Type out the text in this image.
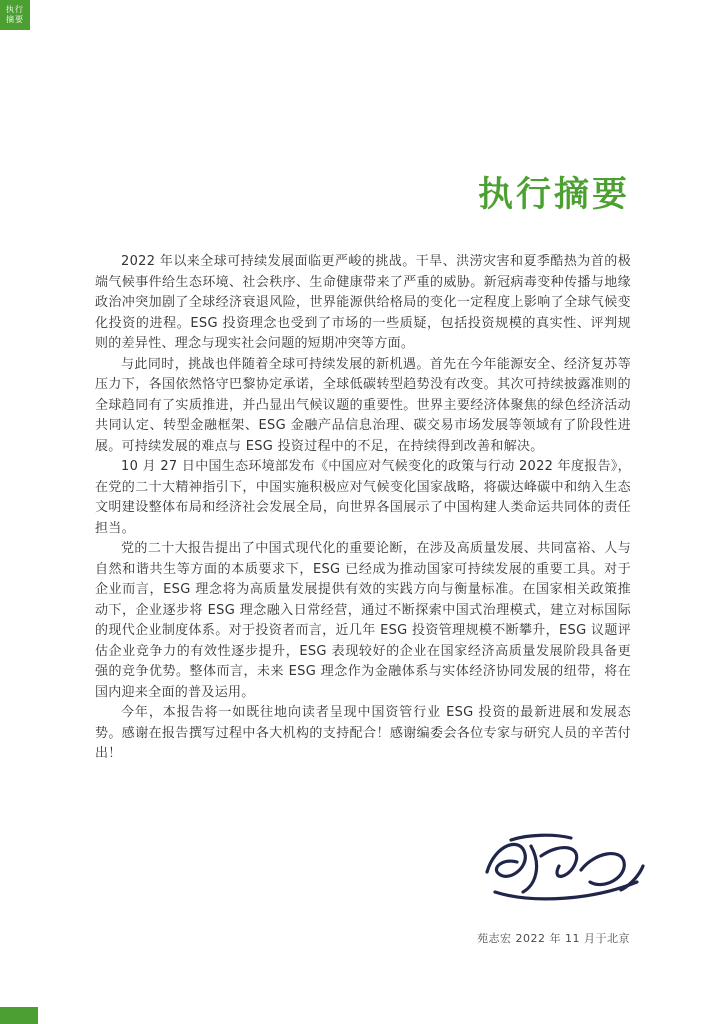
执行
摘要
执行摘要

2022 年以来全球可持续发展面临更严峻的挑战。干旱、洪涝灾害和夏季酷热为首的极端气候事件给生态环境、社会秩序、生命健康带来了严重的威胁。新冠病毒变种传播与地缘政治冲突加剧了全球经济衰退风险，世界能源供给格局的变化一定程度上影响了全球气候变化投资的进程。ESG 投资理念也受到了市场的一些质疑，包括投资规模的真实性、评判规则的差异性、理念与现实社会问题的短期冲突等方面。

与此同时，挑战也伴随着全球可持续发展的新机遇。首先在今年能源安全、经济复苏等压力下，各国依然恪守巴黎协定承诺，全球低碳转型趋势没有改变。其次可持续披露准则的全球趋同有了实质推进，并凸显出气候议题的重要性。世界主要经济体聚焦的绿色经济活动共同认定、转型金融框架、ESG 金融产品信息治理、碳交易市场发展等领域有了阶段性进展。可持续发展的难点与 ESG 投资过程中的不足，在持续得到改善和解决。

10 月 27 日中国生态环境部发布《中国应对气候变化的政策与行动 2022 年度报告》，在党的二十大精神指引下，中国实施积极应对气候变化国家战略，将碳达峰碳中和纳入生态文明建设整体布局和经济社会发展全局，向世界各国展示了中国构建人类命运共同体的责任担当。

党的二十大报告提出了中国式现代化的重要论断，在涉及高质量发展、共同富裕、人与自然和谐共生等方面的本质要求下，ESG 已经成为推动国家可持续发展的重要工具。对于企业而言，ESG 理念将为高质量发展提供有效的实践方向与衡量标准。在国家相关政策推动下，企业逐步将 ESG 理念融入日常经营，通过不断探索中国式治理模式，建立对标国际的现代企业制度体系。对于投资者而言，近几年 ESG 投资管理规模不断攀升，ESG 议题评估企业竞争力的有效性逐步提升，ESG 表现较好的企业在国家经济高质量发展阶段具备更强的竞争优势。整体而言，未来 ESG 理念作为金融体系与实体经济协同发展的纽带，将在国内迎来全面的普及运用。

今年，本报告将一如既往地向读者呈现中国资管行业 ESG 投资的最新进展和发展态势。感谢在报告撰写过程中各大机构的支持配合！感谢编委会各位专家与研究人员的辛苦付出！

苑志宏 2022 年 11 月于北京
